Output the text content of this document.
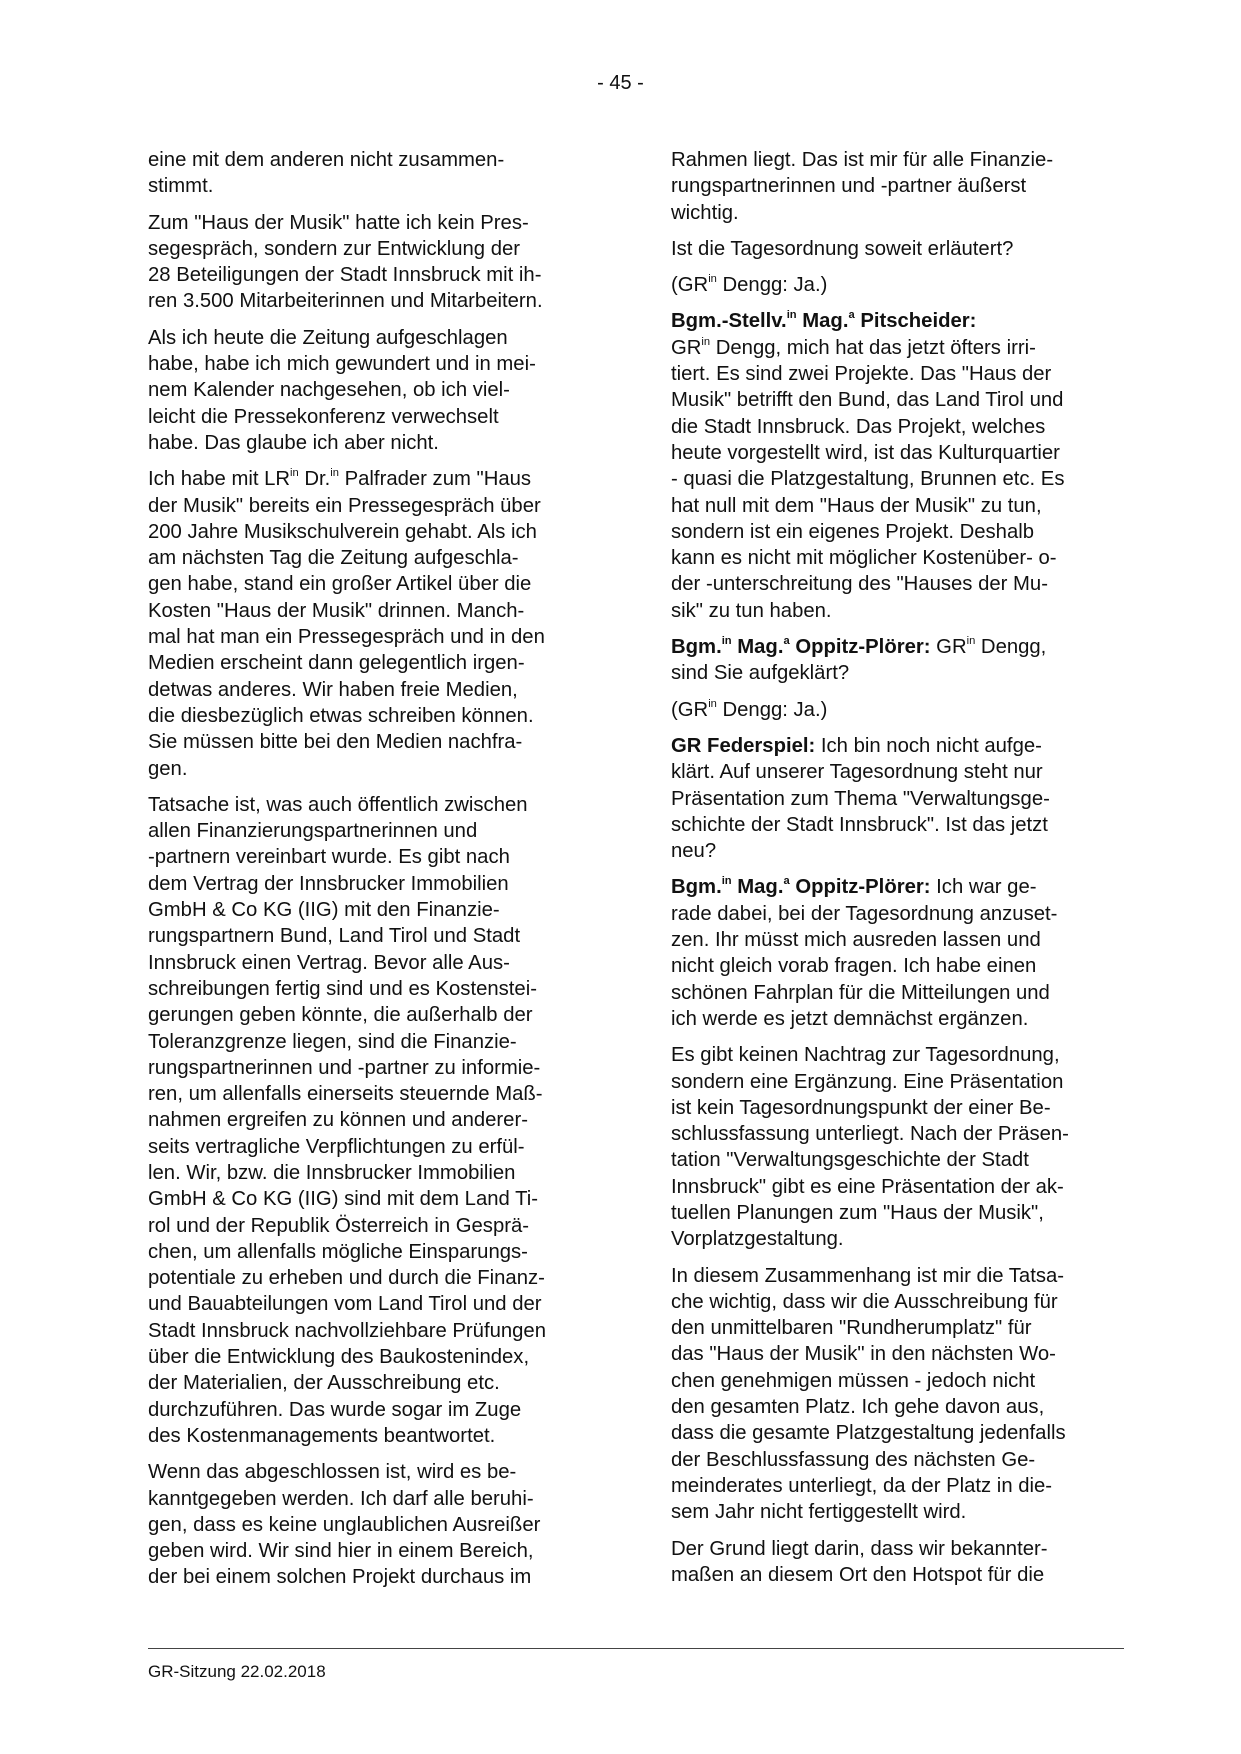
- 45 -

eine mit dem anderen nicht zusammen-
stimmt.

Zum "Haus der Musik" hatte ich kein Pres-
segespräch, sondern zur Entwicklung der
28 Beteiligungen der Stadt Innsbruck mit ih-
ren 3.500 Mitarbeiterinnen und Mitarbeitern.

Als ich heute die Zeitung aufgeschlagen
habe, habe ich mich gewundert und in mei-
nem Kalender nachgesehen, ob ich viel-
leicht die Pressekonferenz verwechselt
habe. Das glaube ich aber nicht.

Ich habe mit $LR^{in}$ Dr.$^{in}$ Palfrader zum "Haus
der Musik" bereits ein Pressegespräch über
200 Jahre Musikschulverein gehabt. Als ich
am nächsten Tag die Zeitung aufgeschla-
gen habe, stand ein großer Artikel über die
Kosten "Haus der Musik" drinnen. Manch-
mal hat man ein Pressegespräch und in den
Medien erscheint dann gelegentlich irgen-
detwas anderes. Wir haben freie Medien,
die diesbezüglich etwas schreiben können.
Sie müssen bitte bei den Medien nachfra-
gen.

Tatsache ist, was auch öffentlich zwischen
allen Finanzierungspartnerinnen und
-partnern vereinbart wurde. Es gibt nach
dem Vertrag der Innsbrucker Immobilien
GmbH & Co KG (IIG) mit den Finanzie-
rungspartnern Bund, Land Tirol und Stadt
Innsbruck einen Vertrag. Bevor alle Aus-
schreibungen fertig sind und es Kostenstei-
gerungen geben könnte, die außerhalb der
Toleranzgrenze liegen, sind die Finanzie-
rungspartnerinnen und -partner zu informie-
ren, um allenfalls einerseits steuernde Maß-
nahmen ergreifen zu können und anderer-
seits vertragliche Verpflichtungen zu erfül-
len. Wir, bzw. die Innsbrucker Immobilien
GmbH & Co KG (IIG) sind mit dem Land Ti-
rol und der Republik Österreich in Gesprä-
chen, um allenfalls mögliche Einsparungs-
potentiale zu erheben und durch die Finanz-
und Bauabteilungen vom Land Tirol und der
Stadt Innsbruck nachvollziehbare Prüfungen
über die Entwicklung des Baukostenindex,
der Materialien, der Ausschreibung etc.
durchzuführen. Das wurde sogar im Zuge
des Kostenmanagements beantwortet.

Wenn das abgeschlossen ist, wird es be-
kanntgegeben werden. Ich darf alle beruhi-
gen, dass es keine unglaublichen Ausreißer
geben wird. Wir sind hier in einem Bereich,
der bei einem solchen Projekt durchaus im

Rahmen liegt. Das ist mir für alle Finanzie-
rungspartnerinnen und -partner äußerst
wichtig.

Ist die Tagesordnung soweit erläutert?

($GR^{in}$ Dengg: Ja.)

Bgm.-Stellv.$^{in}$ Mag.$^a$ Pitscheider:
$GR^{in}$ Dengg, mich hat das jetzt öfters irri-
tiert. Es sind zwei Projekte. Das "Haus der
Musik" betrifft den Bund, das Land Tirol und
die Stadt Innsbruck. Das Projekt, welches
heute vorgestellt wird, ist das Kulturquartier
- quasi die Platzgestaltung, Brunnen etc. Es
hat null mit dem "Haus der Musik" zu tun,
sondern ist ein eigenes Projekt. Deshalb
kann es nicht mit möglicher Kostenüber- o-
der -unterschreitung des "Hauses der Mu-
sik" zu tun haben.

Bgm.$^{in}$ Mag.$^a$ Oppitz-Plörer: $GR^{in}$ Dengg,
sind Sie aufgeklärt?

($GR^{in}$ Dengg: Ja.)

GR Federspiel: Ich bin noch nicht aufge-
klärt. Auf unserer Tagesordnung steht nur
Präsentation zum Thema "Verwaltungsge-
schichte der Stadt Innsbruck". Ist das jetzt
neu?

Bgm.$^{in}$ Mag.$^a$ Oppitz-Plörer: Ich war ge-
rade dabei, bei der Tagesordnung anzuset-
zen. Ihr müsst mich ausreden lassen und
nicht gleich vorab fragen. Ich habe einen
schönen Fahrplan für die Mitteilungen und
ich werde es jetzt demnächst ergänzen.

Es gibt keinen Nachtrag zur Tagesordnung,
sondern eine Ergänzung. Eine Präsentation
ist kein Tagesordnungspunkt der einer Be-
schlussfassung unterliegt. Nach der Präsen-
tation "Verwaltungsgeschichte der Stadt
Innsbruck" gibt es eine Präsentation der ak-
tuellen Planungen zum "Haus der Musik",
Vorplatzgestaltung.

In diesem Zusammenhang ist mir die Tatsa-
che wichtig, dass wir die Ausschreibung für
den unmittelbaren "Rundherumplatz" für
das "Haus der Musik" in den nächsten Wo-
chen genehmigen müssen - jedoch nicht
den gesamten Platz. Ich gehe davon aus,
dass die gesamte Platzgestaltung jedenfalls
der Beschlussfassung des nächsten Ge-
meinderates unterliegt, da der Platz in die-
sem Jahr nicht fertiggestellt wird.

Der Grund liegt darin, dass wir bekannter-
maßen an diesem Ort den Hotspot für die

GR-Sitzung 22.02.2018
